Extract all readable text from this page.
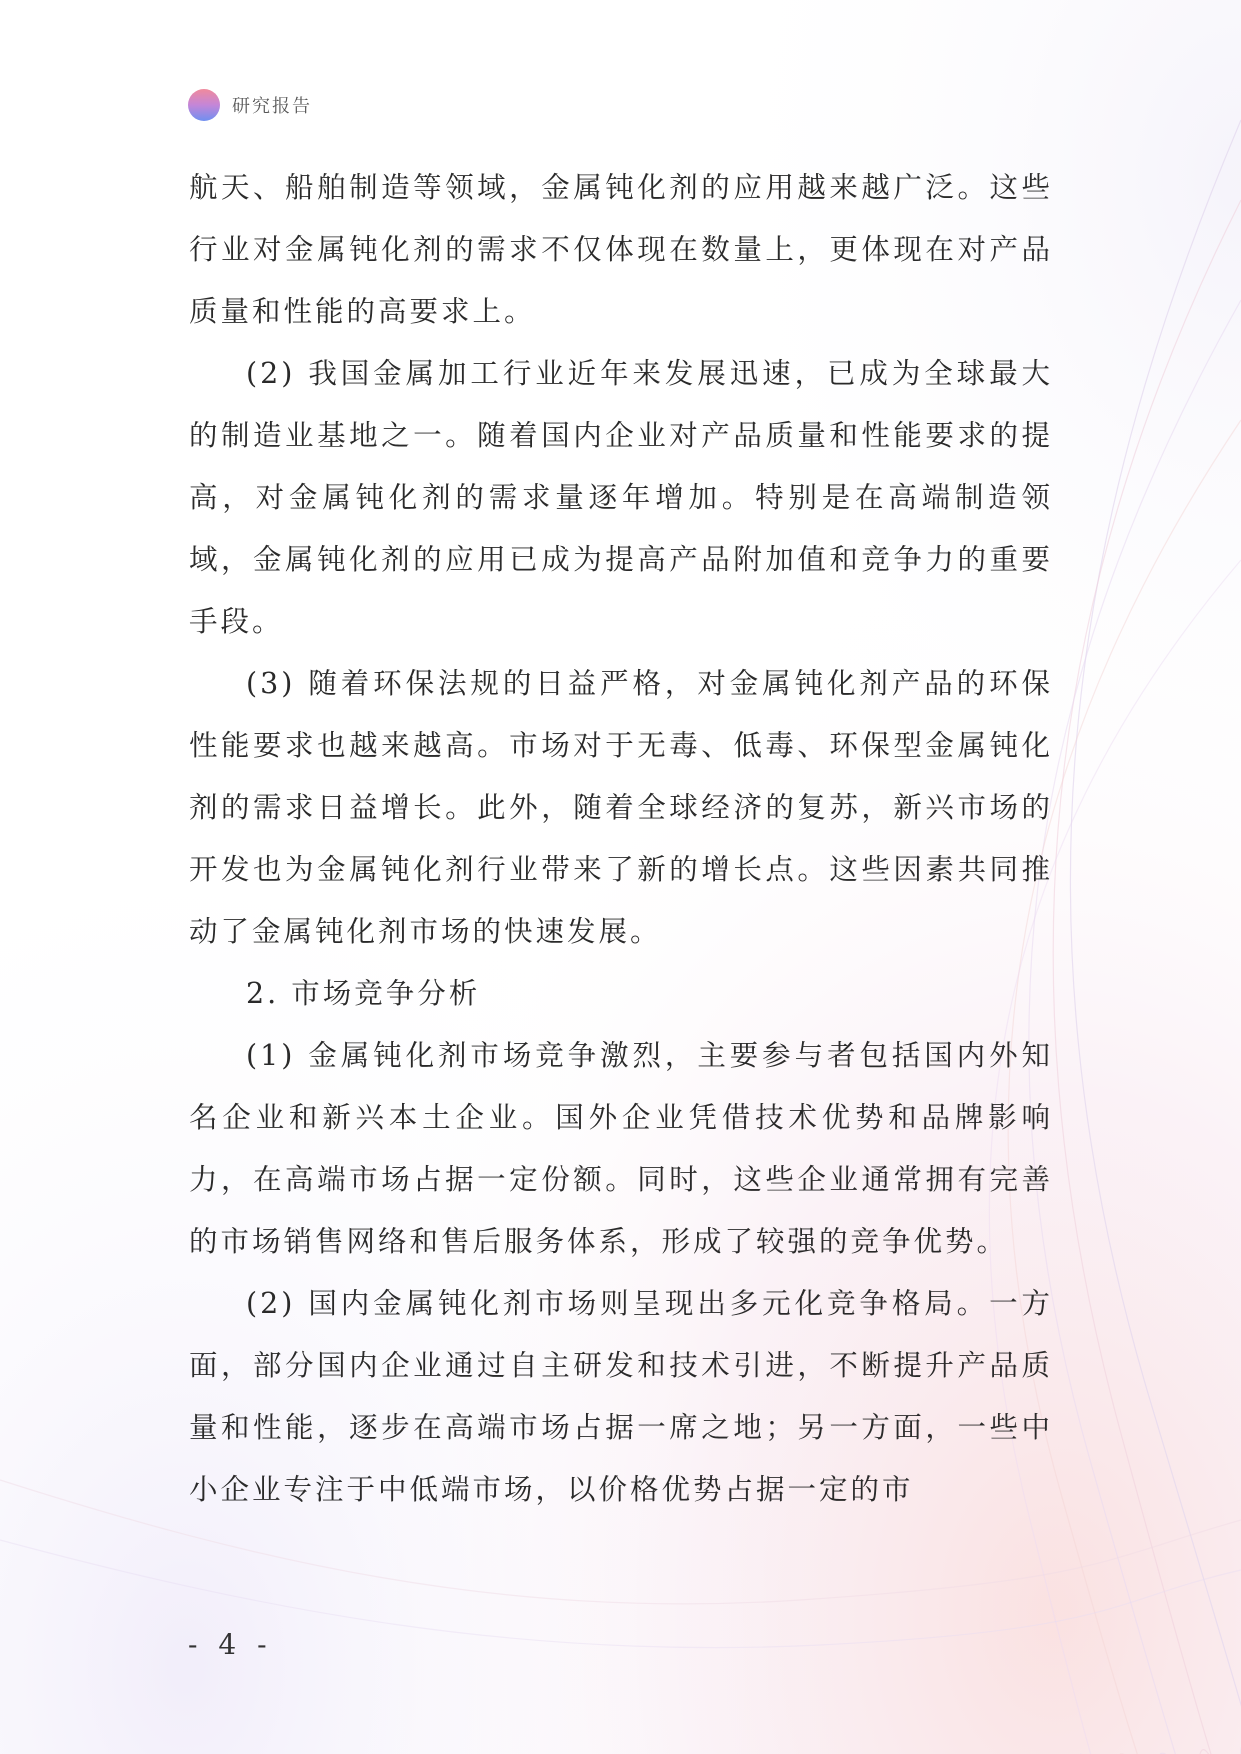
研究报告

航天、船舶制造等领域，金属钝化剂的应用越来越广泛。这些行业对金属钝化剂的需求不仅体现在数量上，更体现在对产品质量和性能的高要求上。

(2) 我国金属加工行业近年来发展迅速，已成为全球最大的制造业基地之一。随着国内企业对产品质量和性能要求的提高，对金属钝化剂的需求量逐年增加。特别是在高端制造领域，金属钝化剂的应用已成为提高产品附加值和竞争力的重要手段。

(3) 随着环保法规的日益严格，对金属钝化剂产品的环保性能要求也越来越高。市场对于无毒、低毒、环保型金属钝化剂的需求日益增长。此外，随着全球经济的复苏，新兴市场的开发也为金属钝化剂行业带来了新的增长点。这些因素共同推动了金属钝化剂市场的快速发展。

2. 市场竞争分析

(1) 金属钝化剂市场竞争激烈，主要参与者包括国内外知名企业和新兴本土企业。国外企业凭借技术优势和品牌影响力，在高端市场占据一定份额。同时，这些企业通常拥有完善的市场销售网络和售后服务体系，形成了较强的竞争优势。

(2) 国内金属钝化剂市场则呈现出多元化竞争格局。一方面，部分国内企业通过自主研发和技术引进，不断提升产品质量和性能，逐步在高端市场占据一席之地；另一方面，一些中小企业专注于中低端市场，以价格优势占据一定的市

- 4 -
